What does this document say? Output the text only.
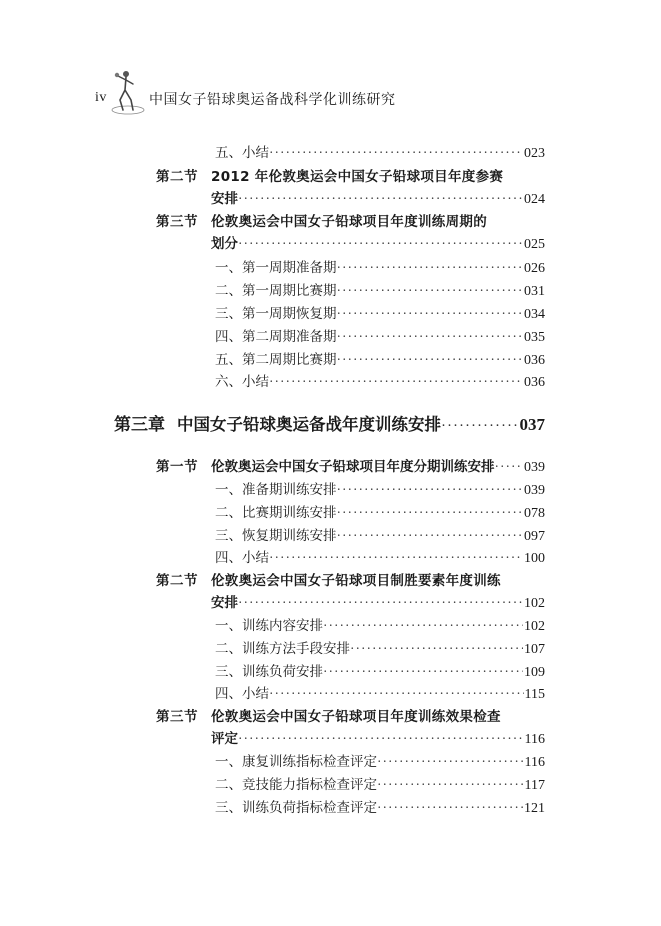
iv	中国女子铅球奥运备战科学化训练研究
五、小结 ·····	023
第二节 2012 年伦敦奥运会中国女子铅球项目年度参赛
安排 ·····	024
第三节 伦敦奥运会中国女子铅球项目年度训练周期的
划分 ·····	025
一、第一周期准备期 ·····	026
二、第一周期比赛期 ·····	031
三、第一周期恢复期 ·····	034
四、第二周期准备期 ·····	035
五、第二周期比赛期 ·····	036
六、小结 ·····	036
第三章 中国女子铅球奥运备战年度训练安排 ·····	037
第一节 伦敦奥运会中国女子铅球项目年度分期训练安排 ····· 039
一、准备期训练安排 ·····	039
二、比赛期训练安排 ·····	078
三、恢复期训练安排 ·····	097
四、小结 ·····	100
第二节 伦敦奥运会中国女子铅球项目制胜要素年度训练
安排 ·····	102
一、训练内容安排 ·····	102
二、训练方法手段安排 ·····	107
三、训练负荷安排 ·····	109
四、小结 ·····	115
第三节 伦敦奥运会中国女子铅球项目年度训练效果检查
评定 ·····	116
一、康复训练指标检查评定 ·····	116
二、竞技能力指标检查评定 ·····	117
三、训练负荷指标检查评定 ·····	121
